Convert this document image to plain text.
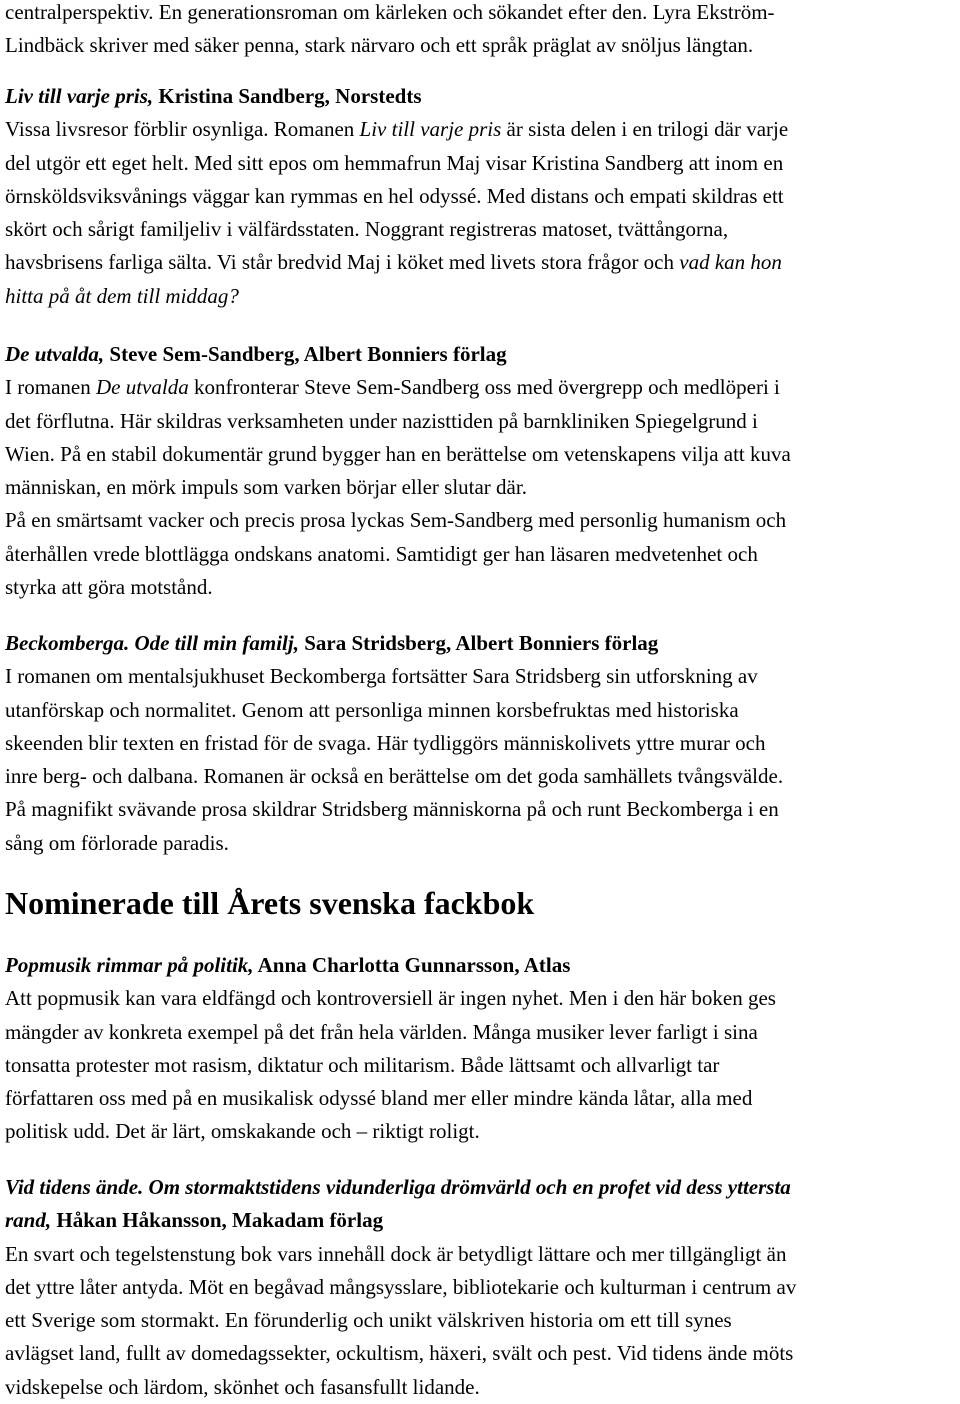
centralperspektiv. En generationsroman om kärleken och sökandet efter den. Lyra Ekström-
Lindbäck skriver med säker penna, stark närvaro och ett språk präglat av snöljus längtan.
Liv till varje pris, Kristina Sandberg, Norstedts
Vissa livsresor förblir osynliga. Romanen Liv till varje pris är sista delen i en trilogi där varje
del utgör ett eget helt. Med sitt epos om hemmafrun Maj visar Kristina Sandberg att inom en
örnsköldsviksvånings väggar kan rymmas en hel odyssé. Med distans och empati skildras ett
skört och sårigt familjeliv i välfärdsstaten. Noggrant registreras matoset, tvättångorna,
havsbrisens farliga sälta. Vi står bredvid Maj i köket med livets stora frågor och vad kan hon
hitta på åt dem till middag?
De utvalda, Steve Sem-Sandberg, Albert Bonniers förlag
I romanen De utvalda konfronterar Steve Sem-Sandberg oss med övergrepp och medlöperi i
det förflutna. Här skildras verksamheten under nazisttiden på barnkliniken Spiegelgrund i
Wien. På en stabil dokumentär grund bygger han en berättelse om vetenskapens vilja att kuva
människan, en mörk impuls som varken börjar eller slutar där.
På en smärtsamt vacker och precis prosa lyckas Sem-Sandberg med personlig humanism och
återhållen vrede blottlägga ondskans anatomi. Samtidigt ger han läsaren medvetenhet och
styrka att göra motstånd.
Beckomberga. Ode till min familj, Sara Stridsberg, Albert Bonniers förlag
I romanen om mentalsjukhuset Beckomberga fortsätter Sara Stridsberg sin utforskning av
utanförskap och normalitet. Genom att personliga minnen korsbefruktas med historiska
skeenden blir texten en fristad för de svaga. Här tydliggörs människolivets yttre murar och
inre berg- och dalbana. Romanen är också en berättelse om det goda samhällets tvångsvälde.
På magnifikt svävande prosa skildrar Stridsberg människorna på och runt Beckomberga i en
sång om förlorade paradis.
Nominerade till Årets svenska fackbok
Popmusik rimmar på politik, Anna Charlotta Gunnarsson, Atlas
Att popmusik kan vara eldfängd och kontroversiell är ingen nyhet. Men i den här boken ges
mängder av konkreta exempel på det från hela världen. Många musiker lever farligt i sina
tonsatta protester mot rasism, diktatur och militarism. Både lättsamt och allvarligt tar
författaren oss med på en musikalisk odyssé bland mer eller mindre kända låtar, alla med
politisk udd. Det är lärt, omskakande och – riktigt roligt.
Vid tidens ände. Om stormaktstidens vidunderliga drömvärld och en profet vid dess yttersta
rand, Håkan Håkansson, Makadam förlag
En svart och tegelstenstung bok vars innehåll dock är betydligt lättare och mer tillgängligt än
det yttre låter antyda. Möt en begåvad mångsysslare, bibliotekarie och kulturman i centrum av
ett Sverige som stormakt. En förunderlig och unikt välskriven historia om ett till synes
avlägset land, fullt av domedagssekter, ockultism, häxeri, svält och pest. Vid tidens ände möts
vidskepelse och lärdom, skönhet och fasansfullt lidande.
